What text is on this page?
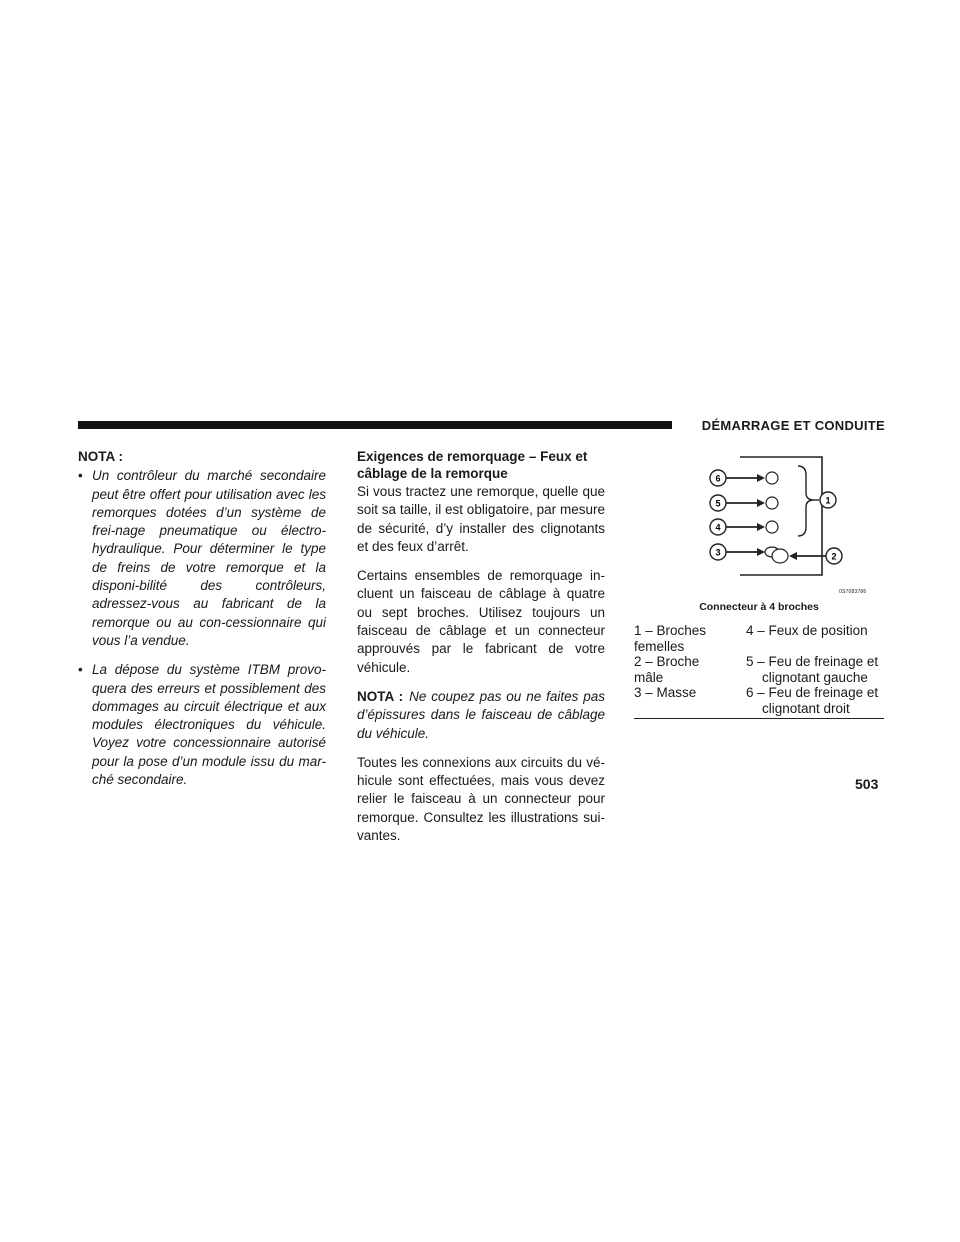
DÉMARRAGE ET CONDUITE
NOTA :
• Un contrôleur du marché secondaire peut être offert pour utilisation avec les remorques dotées d’un système de frei-nage pneumatique ou électro-hydraulique. Pour déterminer le type de freins de votre remorque et la disponi-bilité des contrôleurs, adressez-vous au fabricant de la remorque ou au con-cessionnaire qui vous l’a vendue.
• La dépose du système ITBM provo-quera des erreurs et possiblement des dommages au circuit électrique et aux modules électroniques du véhicule. Voyez votre concessionnaire autorisé pour la pose d’un module issu du mar-ché secondaire.
Exigences de remorquage – Feux et câblage de la remorque

Si vous tractez une remorque, quelle que soit sa taille, il est obligatoire, par mesure de sécurité, d’y installer des clignotants et des feux d’arrêt.

Certains ensembles de remorquage in-cluent un faisceau de câblage à quatre ou sept broches. Utilisez toujours un faisceau de câblage et un connecteur approuvés par le fabricant de votre véhicule.

NOTA : Ne coupez pas ou ne faites pas d’épissures dans le faisceau de câblage du véhicule.

Toutes les connexions aux circuits du vé-hicule sont effectuées, mais vous devez relier le faisceau à un connecteur pour remorque. Consultez les illustrations sui-vantes.

6
5
4
3
1
2
0S7083786
Connecteur à 4 broches
1 – Broches	4 – Feux de position
femelles

2 – Broche	5 – Feu de freinage et
mâle	clignotant gauche
3 – Masse	6 – Feu de freinage et

clignotant droit
503
